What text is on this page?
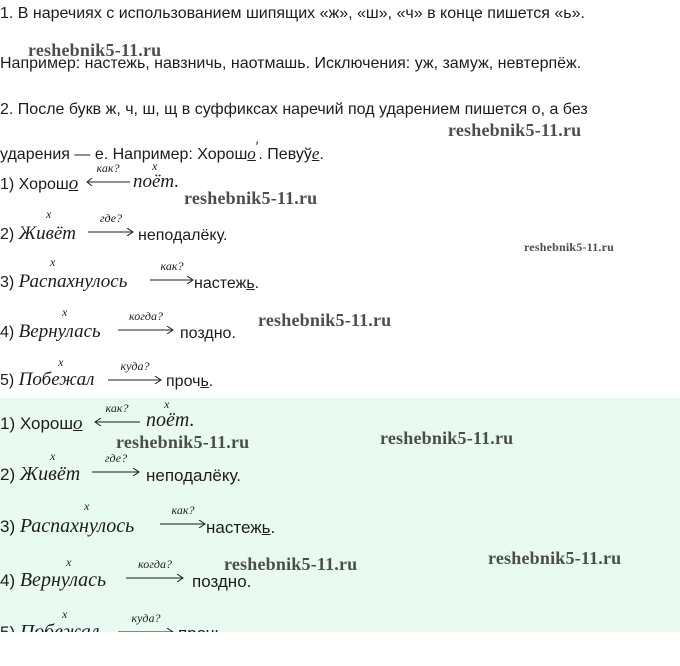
1. В наречиях с использованием шипящих «ж», «ш», «ч» в конце пишется «ь».
Например: настежь, навзничь, наотмашь. Исключения: уж, замуж, невтерпёж.
2. После букв ж, ч, ш, щ в суффиксах наречий под ударением пишется о, а без
ударения — е. Например: Хорошо′. Певуўе.
1) Хорошо
как?	x
поёт.
x
2) Живёт
где?
неподалёку.
x
3) Распахнулось
как?
настежь.
x
4) Вернулась
когда?
поздно.
x
5) Побежал
куда?
прочь.
1) Хорошо
как?	x
поёт.
x
2) Живёт
где?
неподалёку.
x
3) Распахнулось
как?
настежь.
x
4) Вернулась
когда?
поздно.
x	куда?
reshebnik5-11.ru
reshebnik5-11.ru
reshebnik5-11.ru
reshebnik5-11.ru
reshebnik5-11.ru
reshebnik5-11.ru	reshebnik5-11.ru
reshebnik5-11.ru	reshebnik5-11.ru
